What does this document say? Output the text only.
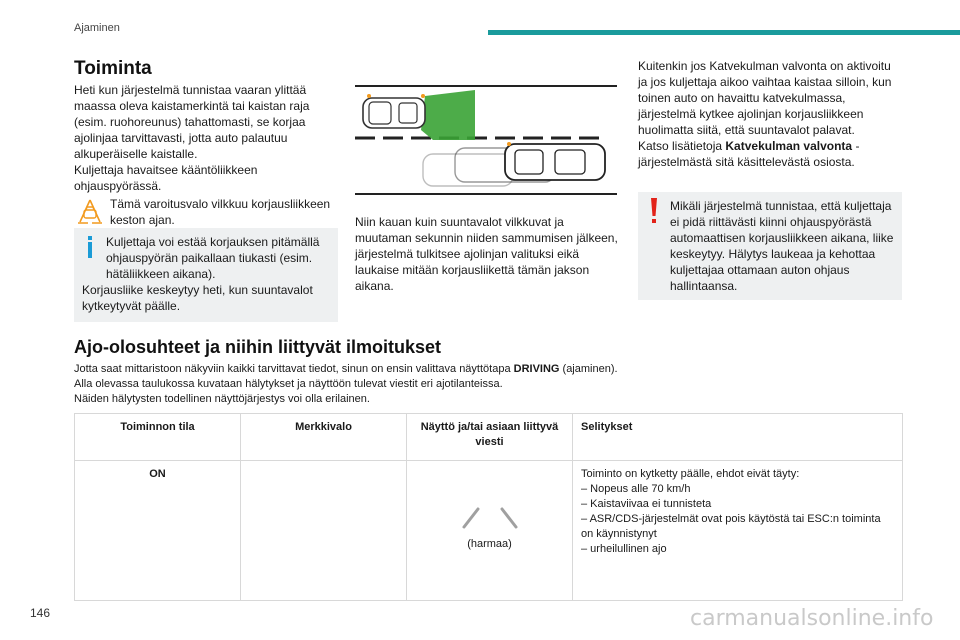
Ajaminen
Toiminta
Heti kun järjestelmä tunnistaa vaaran ylittää maassa oleva kaistamerkintä tai kaistan raja (esim. ruohoreunus) tahattomasti, se korjaa ajolinjaa tarvittavasti, jotta auto palautuu alkuperäiselle kaistalle.
Kuljettaja havaitsee kääntöliikkeen ohjauspyörässä.
Tämä varoitusvalo vilkkuu korjausliikkeen keston ajan.
Kuljettaja voi estää korjauksen pitämällä ohjauspyörän paikallaan tiukasti (esim. hätäliikkeen aikana).
Korjausliike keskeytyy heti, kun suuntavalot kytkeytyvät päälle.
Niin kauan kuin suuntavalot vilkkuvat ja muutaman sekunnin niiden sammumisen jälkeen, järjestelmä tulkitsee ajolinjan valituksi eikä laukaise mitään korjausliikettä tämän jakson aikana.
Kuitenkin jos Katvekulman valvonta on aktivoitu ja jos kuljettaja aikoo vaihtaa kaistaa silloin, kun toinen auto on havaittu katvekulmassa, järjestelmä kytkee ajolinjan korjausliikkeen huolimatta siitä, että suuntavalot palavat.
Katso lisätietoja Katvekulman valvonta -järjestelmästä sitä käsittelevästä osiosta.
Mikäli järjestelmä tunnistaa, että kuljettaja ei pidä riittävästi kiinni ohjauspyörästä automaattisen korjausliikkeen aikana, liike keskeytyy. Hälytys laukeaa ja kehottaa kuljettajaa ottamaan auton ohjaus hallintaansa.
Ajo-olosuhteet ja niihin liittyvät ilmoitukset
Jotta saat mittaristoon näkyviin kaikki tarvittavat tiedot, sinun on ensin valittava näyttötapa DRIVING (ajaminen).
Alla olevassa taulukossa kuvataan hälytykset ja näyttöön tulevat viestit eri ajotilanteissa.
Näiden hälytysten todellinen näyttöjärjestys voi olla erilainen.
Toiminnon tila	Merkkivalo	Näyttö ja/tai asiaan liittyvä viesti	Selitykset
ON		(harmaa)	Toiminto on kytketty päälle, ehdot eivät täyty:
– Nopeus alle 70 km/h
– Kaistaviivaa ei tunnisteta
– ASR/CDS-järjestelmät ovat pois käytöstä tai ESC:n toiminta on käynnistynyt
– urheilullinen ajo
146	carmanualsonline.info
